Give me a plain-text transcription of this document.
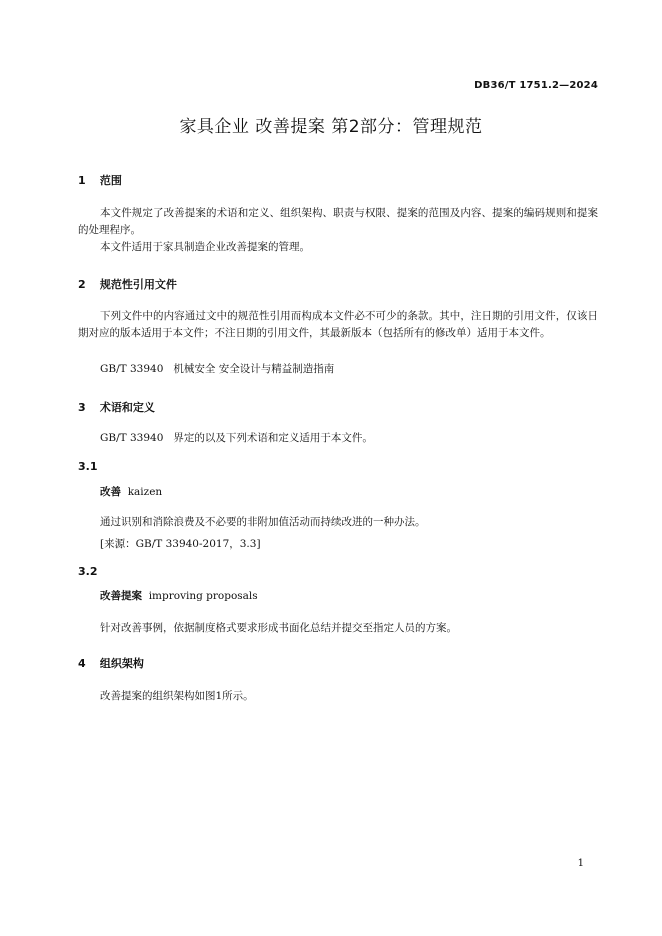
DB36/T 1751.2—2024
家具企业 改善提案 第2部分：管理规范
1 范围
本文件规定了改善提案的术语和定义、组织架构、职责与权限、提案的范围及内容、提案的编码规则和提案的处理程序。
本文件适用于家具制造企业改善提案的管理。
2 规范性引用文件
下列文件中的内容通过文中的规范性引用而构成本文件必不可少的条款。其中，注日期的引用文件，仅该日期对应的版本适用于本文件；不注日期的引用文件，其最新版本（包括所有的修改单）适用于本文件。
GB/T 33940   机械安全 安全设计与精益制造指南
3 术语和定义
GB/T 33940   界定的以及下列术语和定义适用于本文件。
3.1
改善 kaizen
通过识别和消除浪费及不必要的非附加值活动而持续改进的一种办法。
[来源：GB/T 33940-2017，3.3]
3.2
改善提案 improving proposals
针对改善事例，依据制度格式要求形成书面化总结并提交至指定人员的方案。
4 组织架构
改善提案的组织架构如图1所示。
1
